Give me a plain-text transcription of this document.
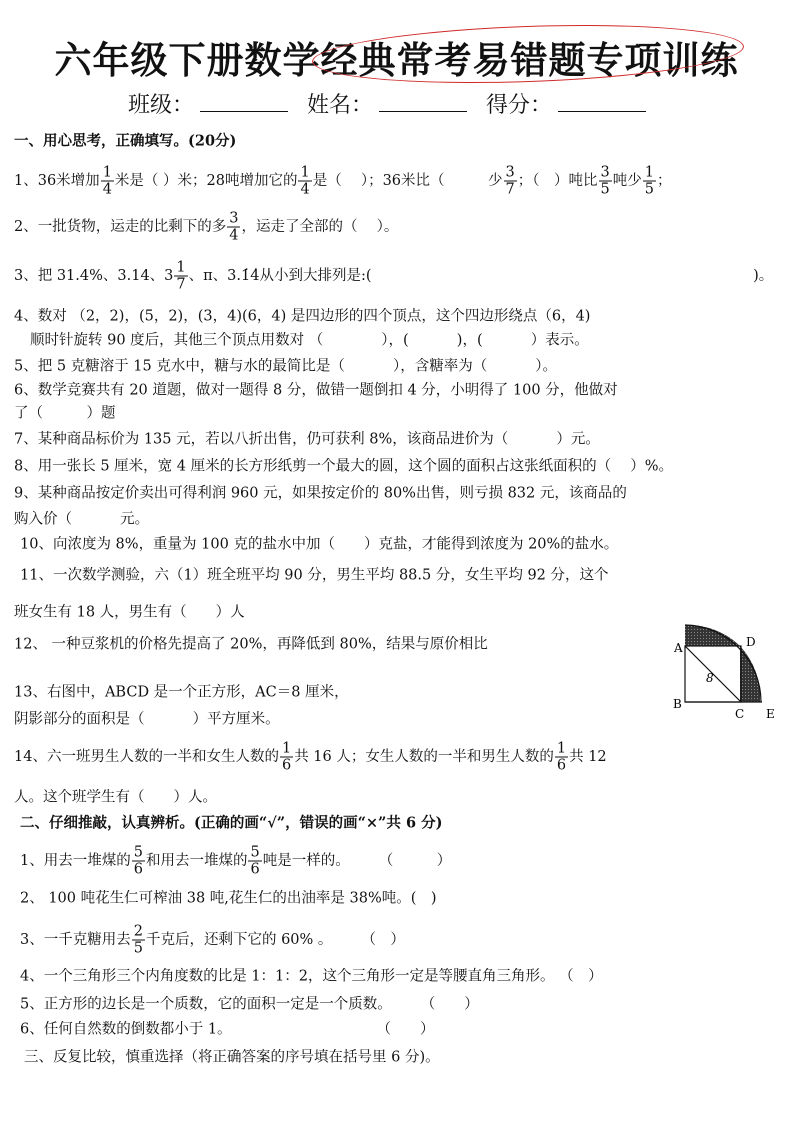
六年级下册数学经典常考易错题专项训练
班级：	姓名：	得分：
一、用心思考，正确填写。(20分)
1、36米增加 $\frac{1}{4}$ 米是（ ）米；28吨增加它的 $\frac{1}{4}$ 是（　 ）；36米比（　　　少 $\frac{3}{7}$ ；（　）吨比 $\frac{3}{5}$ 吨少 $\frac{1}{5}$ ；
2、一批货物，运走的比剩下的多 $\frac{3}{4}$ ，运走了全部的（　 ）。
3、把 31.4%、3.14、$3 \frac{1}{7}$ 、π、3.1̇4̇从小到大排列是:(　　　　　　　　　　　　　　　　　　　　　　　　　　 )。
4、数对 （2，2)，(5，2)，(3，4)(6，4) 是四边形的四个顶点，这个四边形绕点（6，4)
顺时针旋转 90 度后，其他三个顶点用数对 （　　　　），(　　　 )，(　　　 ）表示。
5、把 5 克糖溶于 15 克水中，糖与水的最简比是（　　　 ），含糖率为（　　　 ）。
6、数学竞赛共有 20 道题，做对一题得 8 分，做错一题倒扣 4 分，小明得了 100 分，他做对
了（　　　）题
7、某种商品标价为 135 元，若以八折出售，仍可获利 8%，该商品进价为（　　　 ）元。
8、用一张长 5 厘米，宽 4 厘米的长方形纸剪一个最大的圆，这个圆的面积占这张纸面积的（　 ）%。
9、某种商品按定价卖出可得利润 960 元，如果按定价的 80%出售，则亏损 832 元，该商品的
购入价（　　　 元。
10、向浓度为 8%，重量为 100 克的盐水中加（　　）克盐，才能得到浓度为 20%的盐水。
11、一次数学测验，六（1）班全班平均 90 分，男生平均 88.5 分，女生平均 92 分，这个
班女生有 18 人，男生有（　　）人
12、 一种豆浆机的价格先提高了 20%，再降低到 80%，结果与原价相比
13、右图中，ABCD 是一个正方形，AC＝8 厘米，
阴影部分的面积是（　　　 ）平方厘米。
14、六一班男生人数的一半和女生人数的 $\frac{1}{6}$ 共 16 人；女生人数的一半和男生人数的 $\frac{1}{6}$ 共 12
人。这个班学生有（　　）人。
二、仔细推敲，认真辨析。(正确的画“√”，错误的画“×”共 6 分)
1、用去一堆煤的 $\frac{5}{6}$ 和用去一堆煤的 $\frac{5}{6}$ 吨是一样的。　　　（　　　）
2、 100 吨花生仁可榨油 38 吨,花生仁的出油率是 38%吨。(　)
3、一千克糖用去 $\frac{2}{5}$ 千克后，还剩下它的 60% 。　　　（　）
4、一个三角形三个内角度数的比是 1：1：2，这个三角形一定是等腰直角三角形。 （　）
5、正方形的边长是一个质数，它的面积一定是一个质数。　　　（　　）
6、任何自然数的倒数都小于 1。　　　　　　　　　　　（　　）
三、反复比较，慎重选择（将正确答案的序号填在括号里 6 分)。
A
B
C
D
E
8
